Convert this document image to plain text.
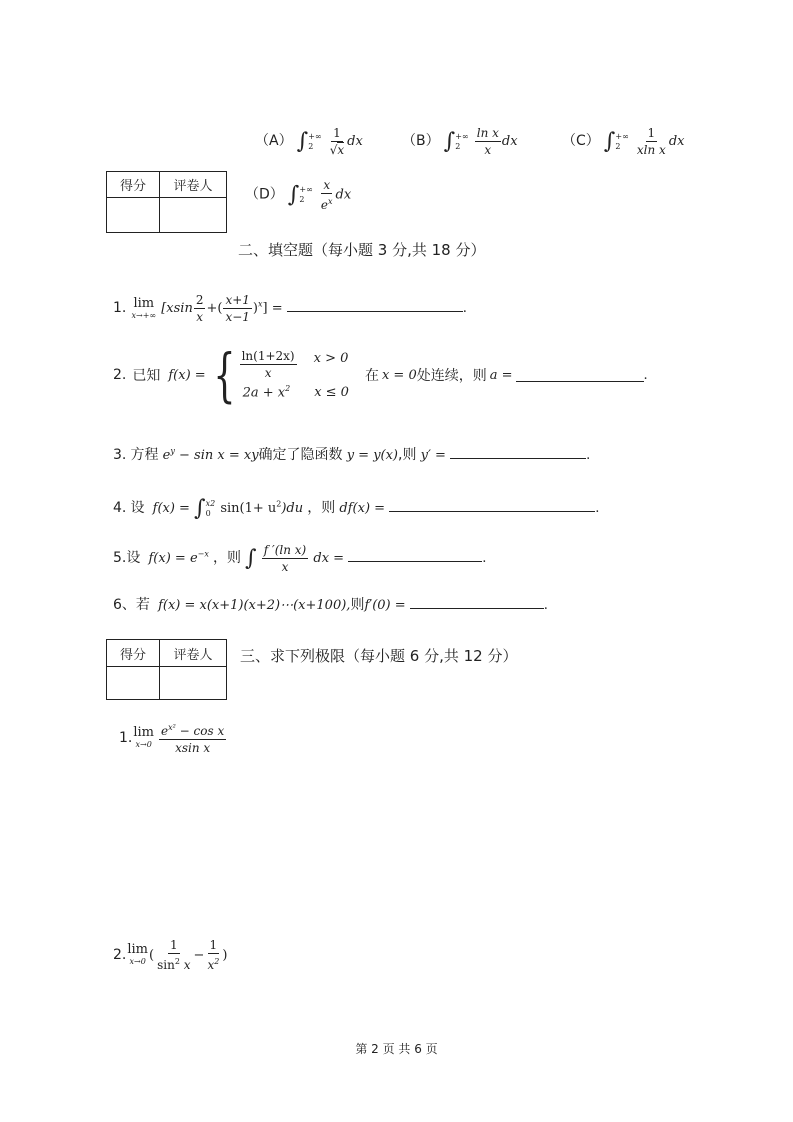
（A） ∫ +∞
2
	$\frac{1}{√x}$ dx	（B） ∫ +∞
2
	$\frac{\text{ln x}}{x}$ dx	（C） ∫ +∞
2
	$\frac{1}{\text{xln x}}$ dx
得分	评卷人
	（D） ∫ +∞
2
	$\frac{x}{e^x}$ dx
二、填空题（每小题 3 分,共 18 分）
1. lim
x→+∞ [$xsin \frac{2}{x}$ +( $\frac{x+1}{x-1} )^x$] =	.
2. 已知 f(x) = { $\frac{\ln(1+2x)}{x}$ x > 0
$2a + x^2$ x ≤ 0
在 x = 0 处连续，则 a =	.
3. 方程 $e^y - \sin x$ = xy确定了隐函数 y = y(x),则 y′ =	.
4. 设 f(x) = ∫ x2
0 $\sin(1+ u^2)du$ ，则 df(x) =	.
5.设 $f(x) = e^{-x}$ ，则 ∫ $\frac{\text{f ′(ln x)}}{x}$ dx =	.
6、若 f(x) = x(x+1)(x+2)⋯(x+100),则f′(0) =	.
得分	评卷人
	三、求下列极限（每小题 6 分,共 12 分）
1. lim
$x\to 0 \frac{e^{x^2} - \cos x}{\text{xsin x}}$
2. lim
x→0 ( $\frac{1}{\sin^2 x} - \frac{1}{x^2}$ )
第 2 页 共 6 页
